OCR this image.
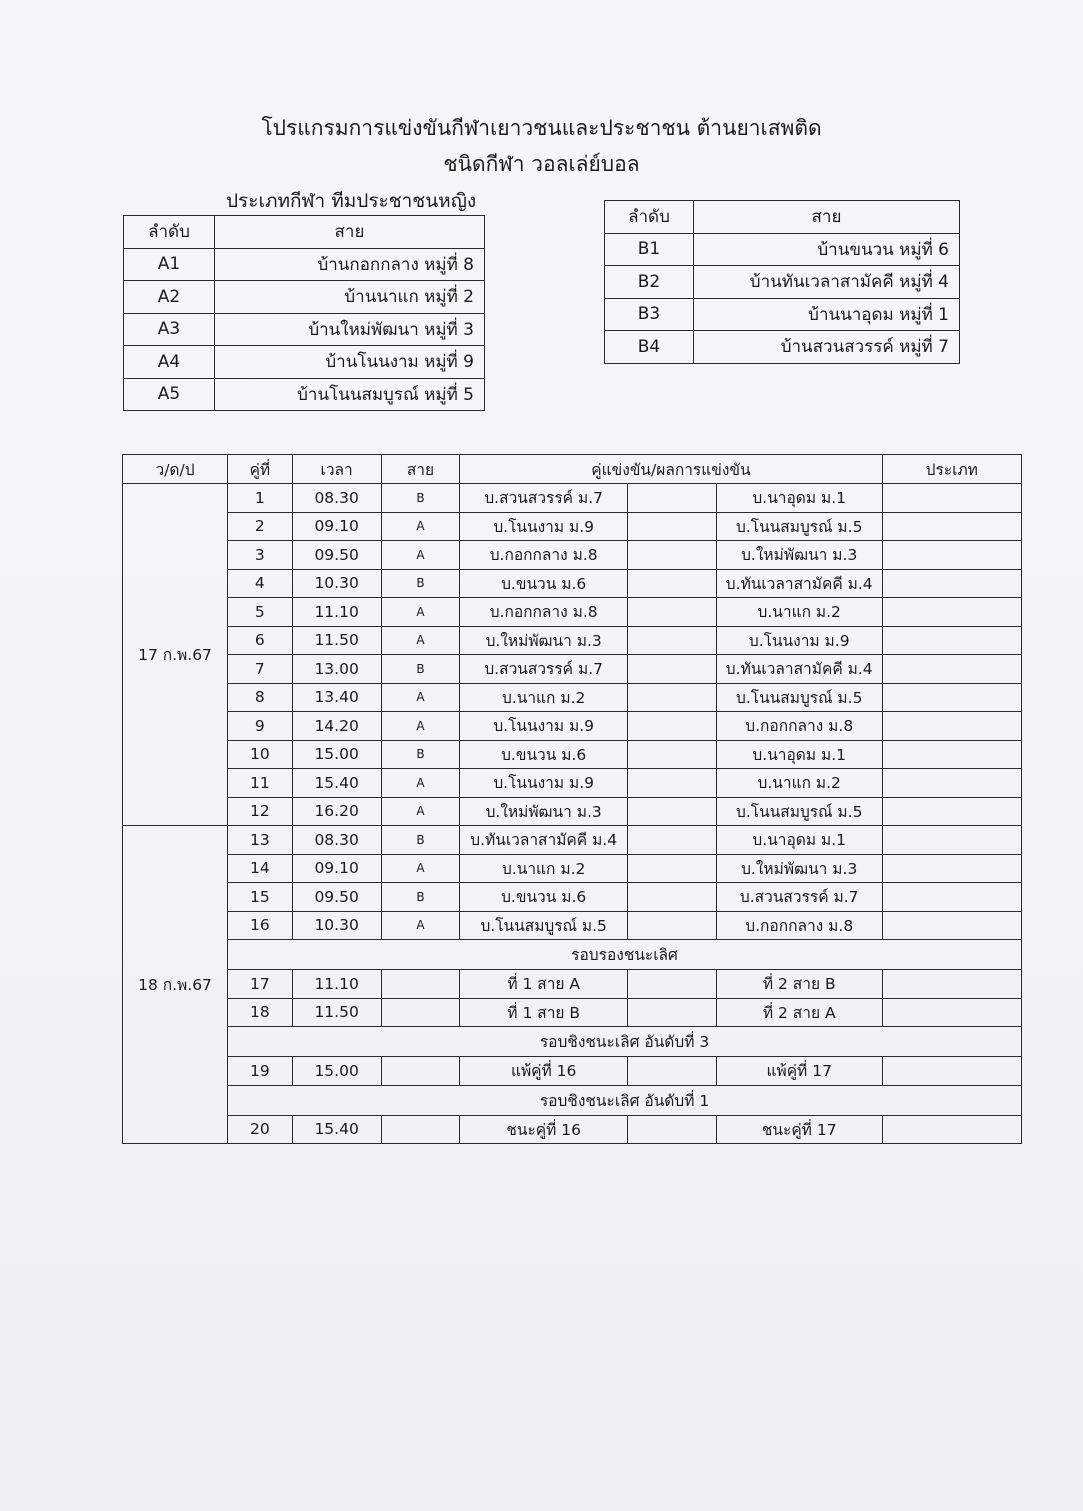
โปรแกรมการแข่งขันกีฬาเยาวชนและประชาชน ต้านยาเสพติด
ชนิดกีฬา วอลเล่ย์บอล
ประเภทกีฬา ทีมประชาชนหญิง
ลำดับ	สาย
A1	บ้านกอกกลาง หมู่ที่ 8
A2	บ้านนาแก หมู่ที่ 2
A3	บ้านใหม่พัฒนา หมู่ที่ 3
A4	บ้านโนนงาม หมู่ที่ 9
A5	บ้านโนนสมบูรณ์ หมู่ที่ 5
ลำดับ	สาย
B1	บ้านขนวน หมู่ที่ 6
B2	บ้านทันเวลาสามัคคี หมู่ที่ 4
B3	บ้านนาอุดม หมู่ที่ 1
B4	บ้านสวนสวรรค์ หมู่ที่ 7
ว/ด/ป	คู่ที่	เวลา	สาย	คู่แข่งขัน/ผลการแข่งขัน			ประเภท
17 ก.พ.67	1	08.30	B	บ.สวนสวรรค์ ม.7		บ.นาอุดม ม.1	
	2	09.10	A	บ.โนนงาม ม.9		บ.โนนสมบูรณ์ ม.5	
	3	09.50	A	บ.กอกกลาง ม.8		บ.ใหม่พัฒนา ม.3	
	4	10.30	B	บ.ขนวน ม.6		บ.ทันเวลาสามัคคี ม.4	
	5	11.10	A	บ.กอกกลาง ม.8		บ.นาแก ม.2	
	6	11.50	A	บ.ใหม่พัฒนา ม.3		บ.โนนงาม ม.9	
	7	13.00	B	บ.สวนสวรรค์ ม.7		บ.ทันเวลาสามัคคี ม.4	
	8	13.40	A	บ.นาแก ม.2		บ.โนนสมบูรณ์ ม.5	
	9	14.20	A	บ.โนนงาม ม.9		บ.กอกกลาง ม.8	
	10	15.00	B	บ.ขนวน ม.6		บ.นาอุดม ม.1	
	11	15.40	A	บ.โนนงาม ม.9		บ.นาแก ม.2	
	12	16.20	A	บ.ใหม่พัฒนา ม.3		บ.โนนสมบูรณ์ ม.5	
18 ก.พ.67	13	08.30	B	บ.ทันเวลาสามัคคี ม.4		บ.นาอุดม ม.1	
	14	09.10	A	บ.นาแก ม.2		บ.ใหม่พัฒนา ม.3	
	15	09.50	B	บ.ขนวน ม.6		บ.สวนสวรรค์ ม.7	
	16	10.30	A	บ.โนนสมบูรณ์ ม.5		บ.กอกกลาง ม.8	
	รอบรองชนะเลิศ						
	17	11.10		ที่ 1 สาย A		ที่ 2 สาย B	
	18	11.50		ที่ 1 สาย B		ที่ 2 สาย A	
	รอบชิงชนะเลิศ อันดับที่ 3						
	19	15.00		แพ้คู่ที่ 16		แพ้คู่ที่ 17	
	รอบชิงชนะเลิศ อันดับที่ 1						
	20	15.40		ชนะคู่ที่ 16		ชนะคู่ที่ 17	
